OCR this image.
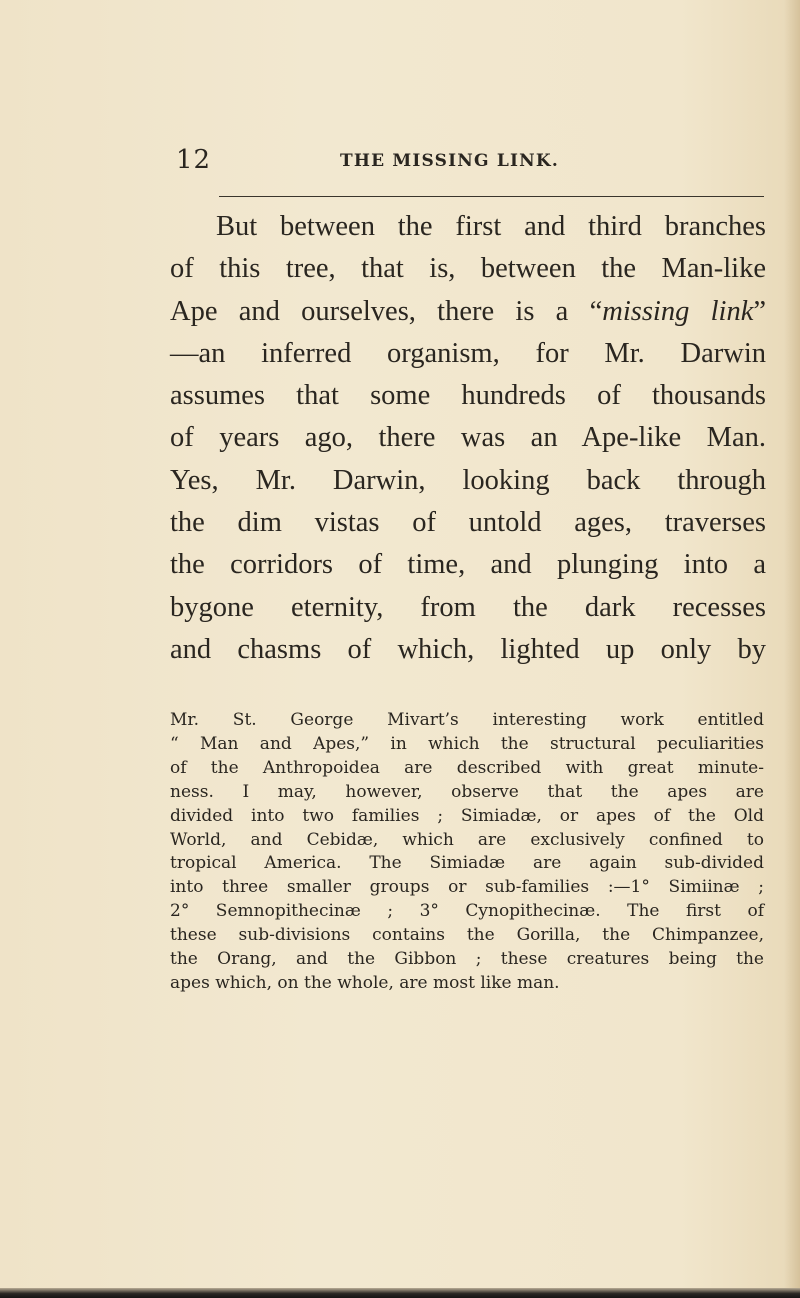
12	THE MISSING LINK.

But between the first and third branches
of this tree, that is, between the Man-like
Ape and ourselves, there is a “missing link”
—an inferred organism, for Mr. Darwin
assumes that some hundreds of thousands
of years ago, there was an Ape-like Man.
Yes, Mr. Darwin, looking back through
the dim vistas of untold ages, traverses
the corridors of time, and plunging into a
bygone eternity, from the dark recesses
and chasms of which, lighted up only by

Mr. St. George Mivart’s interesting work entitled
“ Man and Apes,” in which the structural peculiarities
of the Anthropoidea are described with great minute-
ness. I may, however, observe that the apes are
divided into two families ; Simiadæ, or apes of the Old
World, and Cebidæ, which are exclusively confined to
tropical America. The Simiadæ are again sub-divided
into three smaller groups or sub-families :—1° Simiinæ ;
2° Semnopithecinæ ; 3° Cynopithecinæ. The first of
these sub-divisions contains the Gorilla, the Chimpanzee,
the Orang, and the Gibbon ; these creatures being the
apes which, on the whole, are most like man.
